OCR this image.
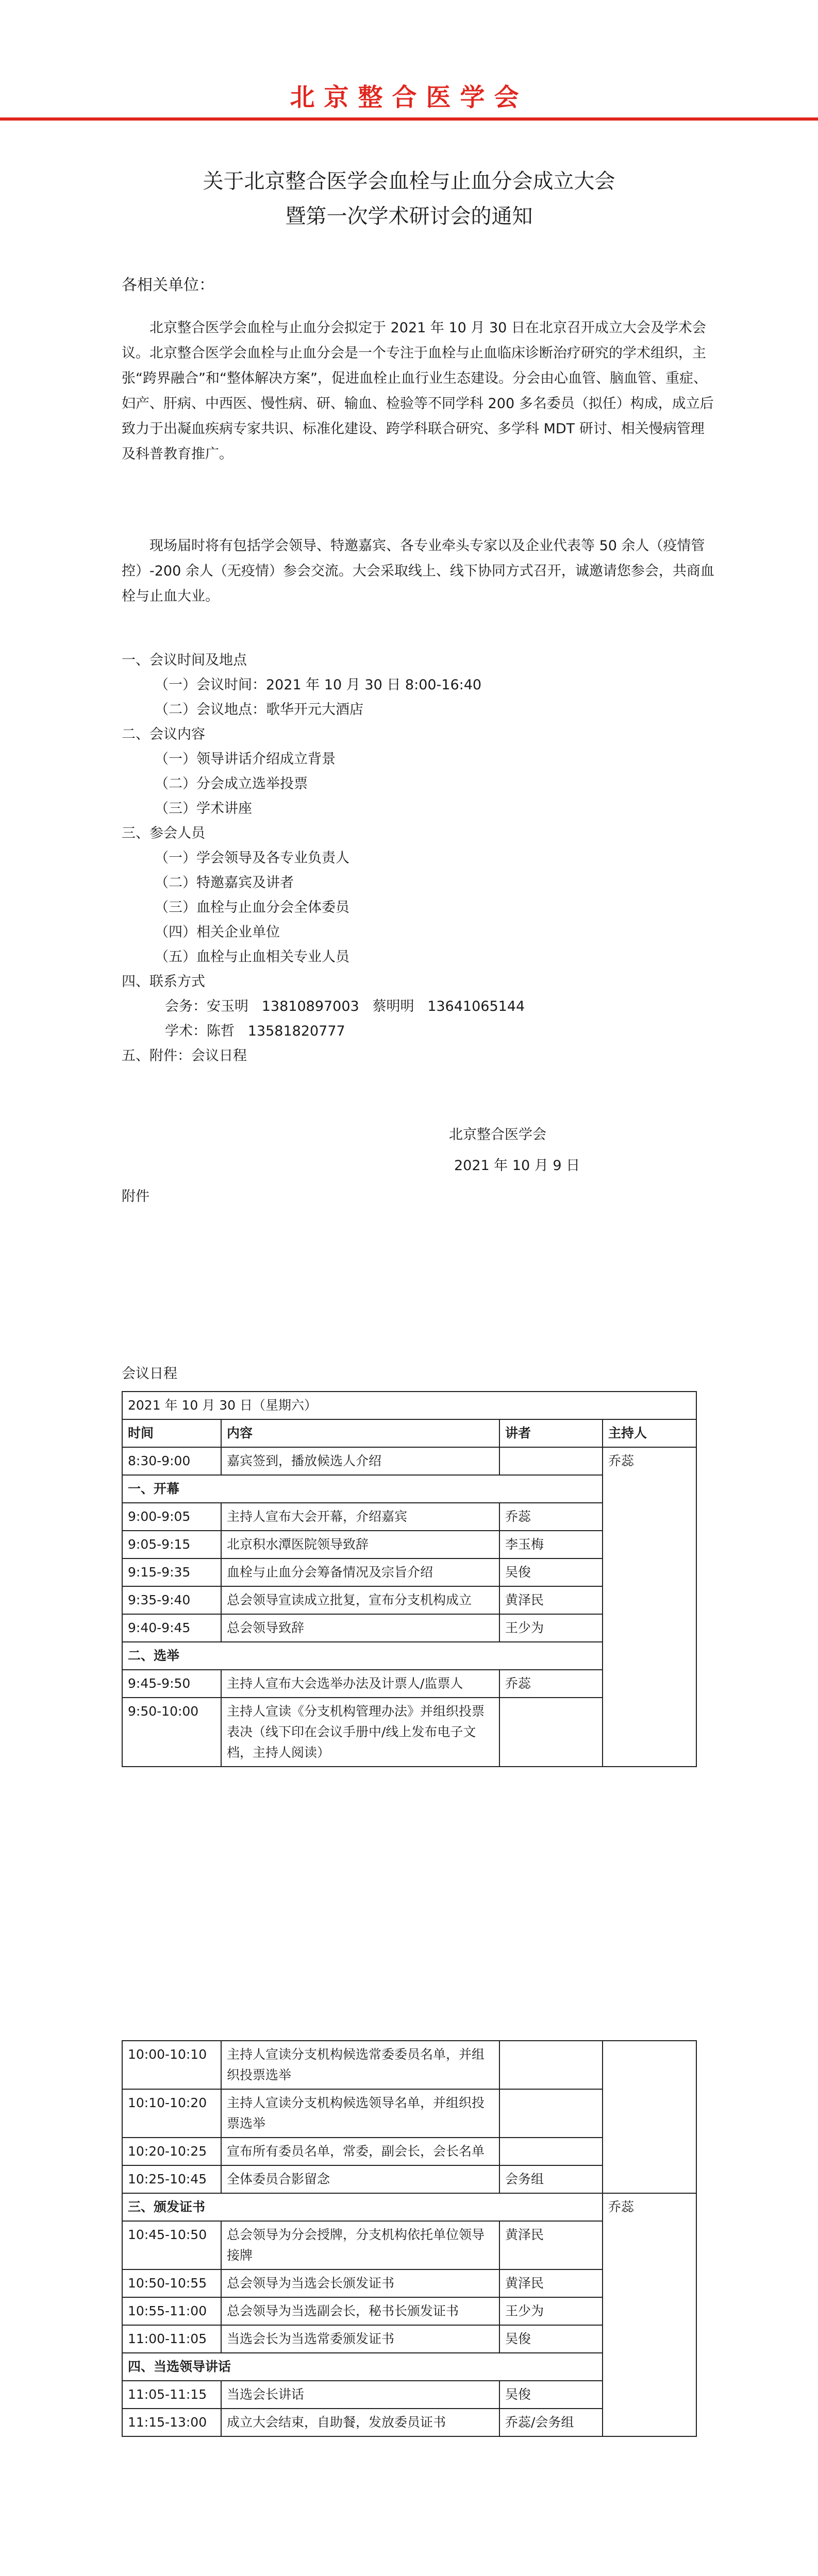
北京整合医学会
关于北京整合医学会血栓与止血分会成立大会
暨第一次学术研讨会的通知
各相关单位：
北京整合医学会血栓与止血分会拟定于 2021 年 10 月 30 日在北京召开成立大会及学术会议。北京整合医学会血栓与止血分会是一个专注于血栓与止血临床诊断治疗研究的学术组织，主张“跨界融合”和“整体解决方案”，促进血栓止血行业生态建设。分会由心血管、脑血管、重症、妇产、肝病、中西医、慢性病、研、输血、检验等不同学科 200 多名委员（拟任）构成，成立后致力于出凝血疾病专家共识、标准化建设、跨学科联合研究、多学科 MDT 研讨、相关慢病管理及科普教育推广。
现场届时将有包括学会领导、特邀嘉宾、各专业牵头专家以及企业代表等 50 余人（疫情管控）-200 余人（无疫情）参会交流。大会采取线上、线下协同方式召开，诚邀请您参会，共商血栓与止血大业。
一、会议时间及地点
（一）会议时间：2021 年 10 月 30 日 8:00-16:40
（二）会议地点：歌华开元大酒店
二、会议内容
（一）领导讲话介绍成立背景
（二）分会成立选举投票
（三）学术讲座
三、参会人员
（一）学会领导及各专业负责人
（二）特邀嘉宾及讲者
（三）血栓与止血分会全体委员
（四）相关企业单位
（五）血栓与止血相关专业人员
四、联系方式
会务：安玉明   13810897003   蔡明明   13641065144
学术：陈哲   13581820777
五、附件：会议日程
北京整合医学会
2021 年 10 月 9 日
附件
会议日程
2021 年 10 月 30 日（星期六）			
时间	内容	讲者	主持人
8:30-9:00	嘉宾签到，播放候选人介绍		乔蕊
一、开幕			
9:00-9:05	主持人宣布大会开幕，介绍嘉宾	乔蕊	
9:05-9:15	北京积水潭医院领导致辞	李玉梅	
9:15-9:35	血栓与止血分会筹备情况及宗旨介绍	吴俊	
9:35-9:40	总会领导宣读成立批复，宣布分支机构成立	黄泽民	
9:40-9:45	总会领导致辞	王少为	
二、选举			
9:45-9:50	主持人宣布大会选举办法及计票人/监票人	乔蕊	
9:50-10:00	主持人宣读《分支机构管理办法》并组织投票表决（线下印在会议手册中/线上发布电子文档，主持人阅读）		
10:00-10:10	主持人宣读分支机构候选常委委员名单，并组织投票选举		
10:10-10:20	主持人宣读分支机构候选领导名单，并组织投票选举		
10:20-10:25	宣布所有委员名单，常委，副会长，会长名单		
10:25-10:45	全体委员合影留念	会务组	
三、颁发证书			乔蕊
10:45-10:50	总会领导为分会授牌，分支机构依托单位领导接牌	黄泽民	
10:50-10:55	总会领导为当选会长颁发证书	黄泽民	
10:55-11:00	总会领导为当选副会长，秘书长颁发证书	王少为	
11:00-11:05	当选会长为当选常委颁发证书	吴俊	
四、当选领导讲话			
11:05-11:15	当选会长讲话	吴俊	
11:15-13:00	成立大会结束，自助餐，发放委员证书	乔蕊/会务组	
